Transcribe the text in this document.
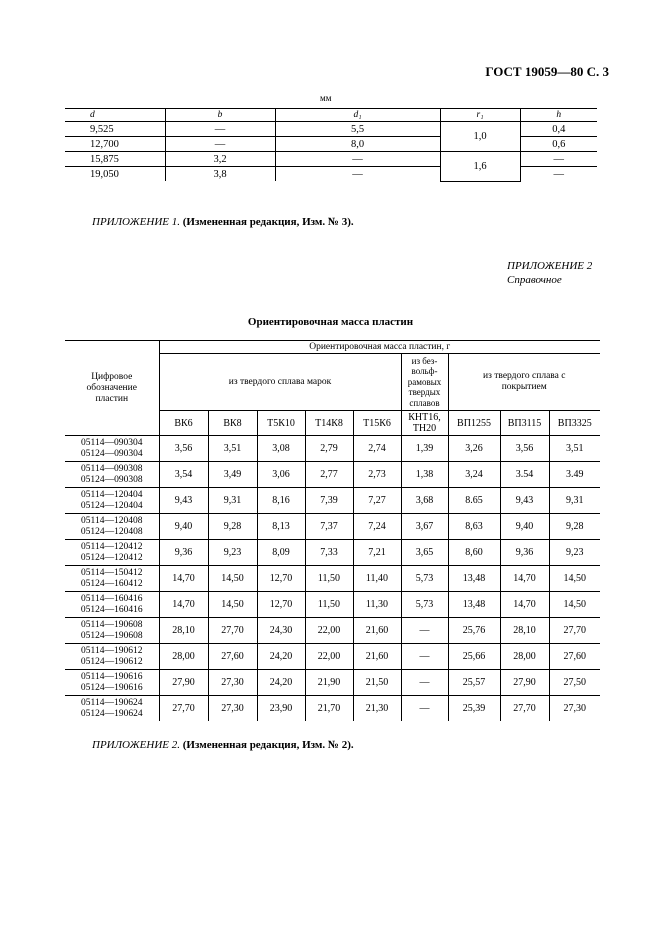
ГОСТ 19059—80 С. 3
мм
d	b	d₁	r₁	h
9,525	—	5,5	1,0	0,4
12,700	—	8,0		0,6
15,875	3,2	—	1,6	—
19,050	3,8	—		—
ПРИЛОЖЕНИЕ 1. (Измененная редакция, Изм. № 3).
ПРИЛОЖЕНИЕ 2
Справочное
Ориентировочная масса пластин
Цифровое обозначение пластин	Ориентировочная масса пластин, г								
	из твердого сплава марок					из без-вольф-рамовых твердых сплавов	из твердого сплава с покрытием		

	ВК6	ВК8	Т5К10	Т14К8	Т15К6	КНТ16, ТН20	ВП1255	ВП3115	ВП3325

05114—090304
05124—090304	3,56	3,51	3,08	2,79	2,74	1,39	3,26	3,56	3,51

05114—090308
05124—090308	3,54	3,49	3,06	2,77	2,73	1,38	3,24	3.54	3.49

05114—120404
05124—120404	9,43	9,31	8,16	7,39	7,27	3,68	8.65	9,43	9,31

05114—120408
05124—120408	9,40	9,28	8,13	7,37	7,24	3,67	8,63	9,40	9,28

05114—120412
05124—120412	9,36	9,23	8,09	7,33	7,21	3,65	8,60	9,36	9,23

05114—150412
05124—160412	14,70	14,50	12,70	11,50	11,40	5,73	13,48	14,70	14,50

05114—160416
05124—160416	14,70	14,50	12,70	11,50	11,30	5,73	13,48	14,70	14,50

05114—190608
05124—190608	28,10	27,70	24,30	22,00	21,60	—	25,76	28,10	27,70

05114—190612
05124—190612	28,00	27,60	24,20	22,00	21,60	—	25,66	28,00	27,60

05114—190616
05124—190616	27,90	27,30	24,20	21,90	21,50	—	25,57	27,90	27,50

05114—190624
05124—190624	27,70	27,30	23,90	21,70	21,30	—	25,39	27,70	27,30
ПРИЛОЖЕНИЕ 2. (Измененная редакция, Изм. № 2).
